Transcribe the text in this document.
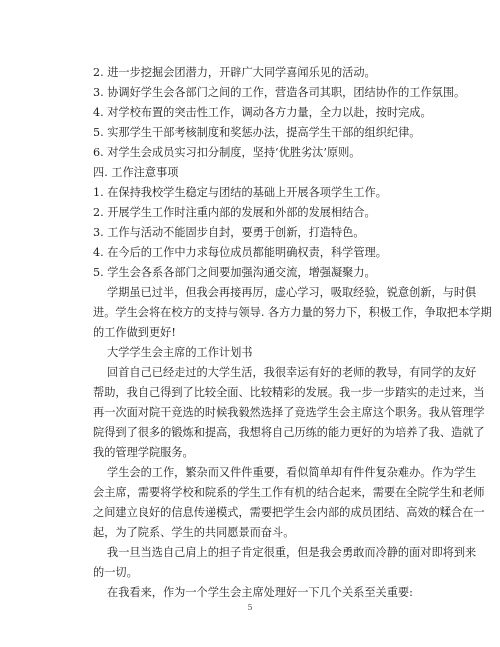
2. 进一步挖掘会团潜力，开辟广大同学喜闻乐见的活动。
3. 协调好学生会各部门之间的工作，营造各司其职，团结协作的工作氛围。
4. 对学校布置的突击性工作，调动各方力量，全力以赴，按时完成。
5. 实那学生干部考核制度和奖惩办法，提高学生干部的组织纪律。
6. 对学生会成员实习扣分制度，坚持‘优胜劣汰’原则。
四. 工作注意事项
1. 在保持我校学生稳定与团结的基础上开展各项学生工作。
2. 开展学生工作时注重内部的发展和外部的发展相结合。
3. 工作与活动不能固步自封，要勇于创新，打造特色。
4. 在今后的工作中力求每位成员都能明确权责，科学管理。
5. 学生会各系各部门之间要加强沟通交流，增强凝聚力。
学期虽已过半，但我会再接再厉，虚心学习，吸取经验，锐意创新，与时俱
进。学生会将在校方的支持与领导. 各方力量的努力下，积极工作，争取把本学期
的工作做到更好!
大学学生会主席的工作计划书
回首自己已经走过的大学生活，我很幸运有好的老师的教导，有同学的友好
帮助，我自己得到了比较全面、比较精彩的发展。我一步一步踏实的走过来，当
再一次面对院干竞选的时候我毅然选择了竞选学生会主席这个职务。我从管理学
院得到了很多的锻炼和提高，我想将自己历练的能力更好的为培养了我、造就了
我的管理学院服务。
学生会的工作，繁杂而又件件重要，看似简单却有件件复杂难办。作为学生
会主席，需要将学校和院系的学生工作有机的结合起来，需要在全院学生和老师
之间建立良好的信息传递模式，需要把学生会内部的成员团结、高效的糅合在一
起，为了院系、学生的共同愿景而奋斗。
我一旦当选自己肩上的担子肯定很重，但是我会勇敢而冷静的面对即将到来
的一切。
在我看来，作为一个学生会主席处理好一下几个关系至关重要:
5
